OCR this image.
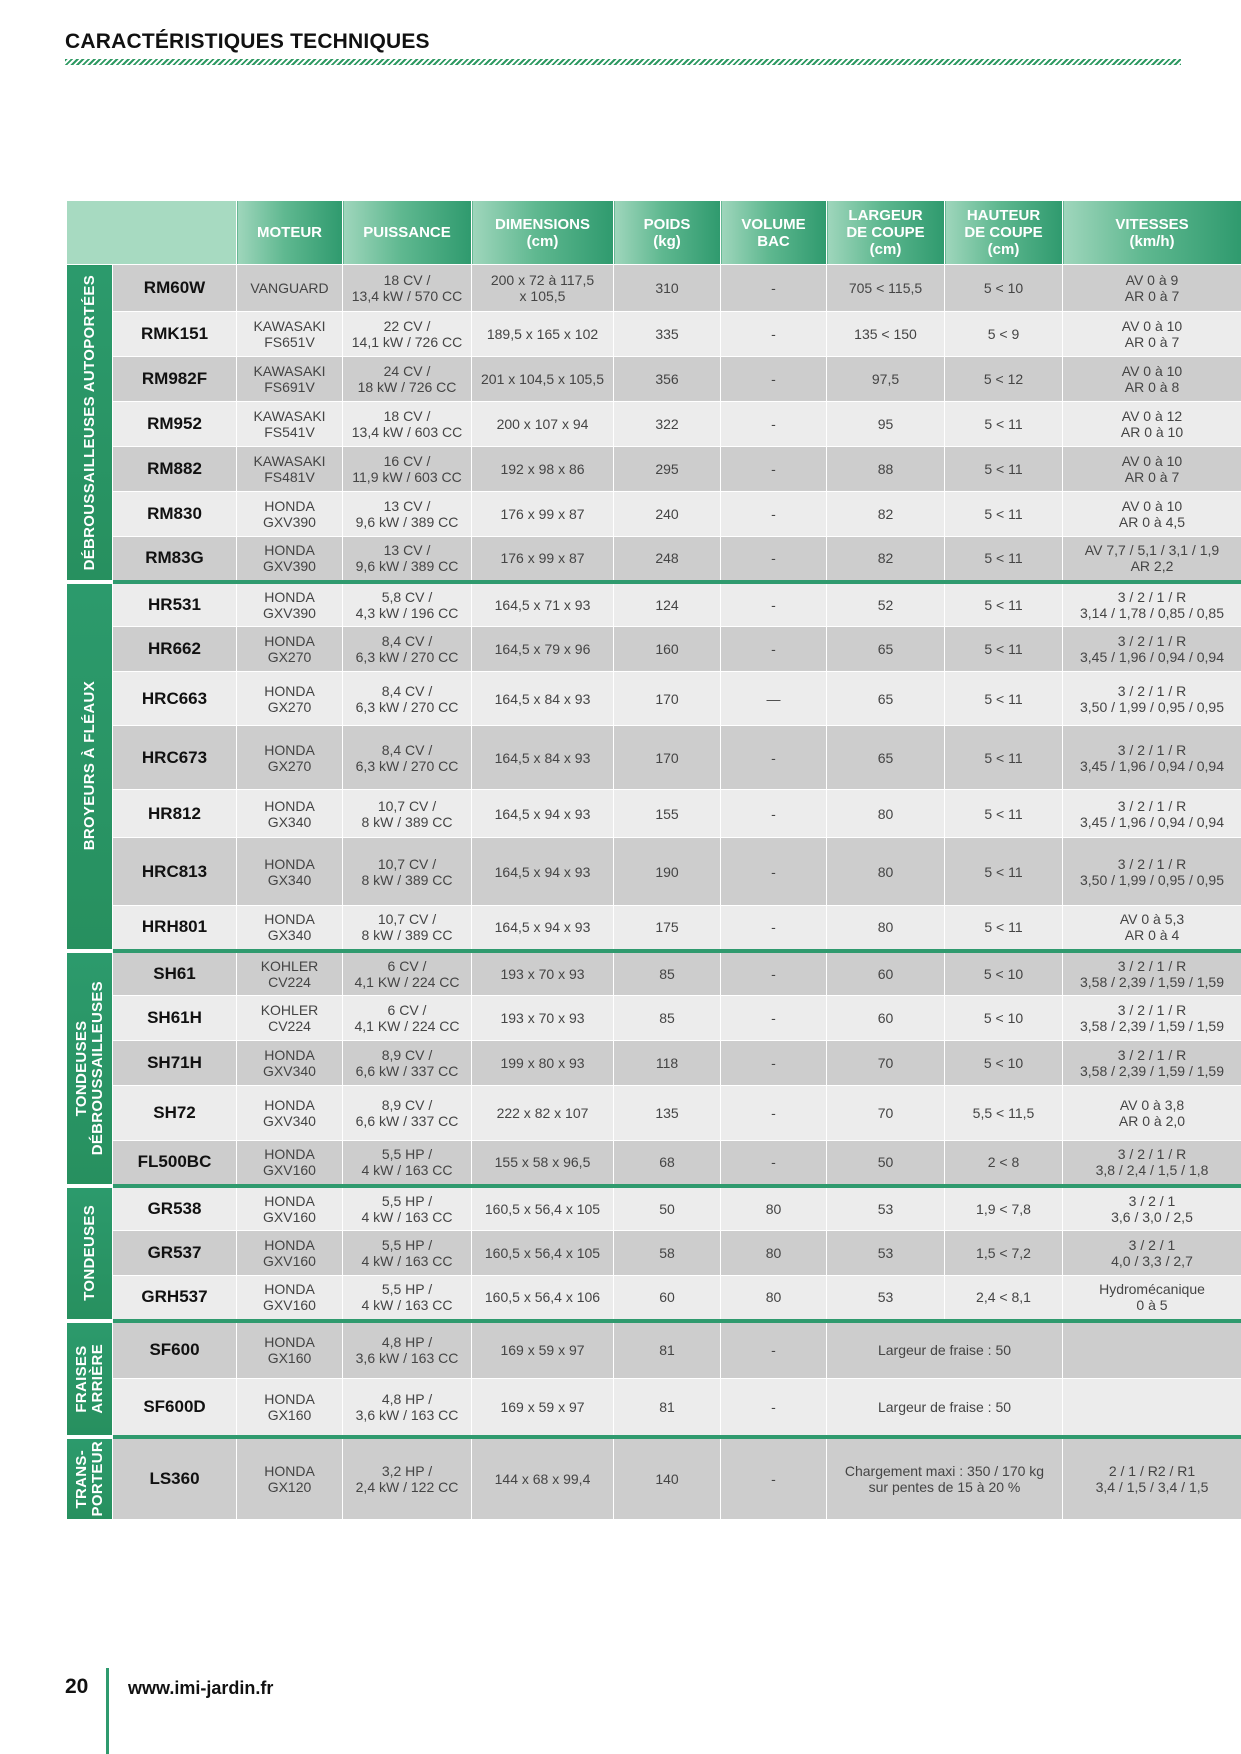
CARACTÉRISTIQUES TECHNIQUES
		MOTEUR	PUISSANCE	DIMENSIONS
(cm)	POIDS
(kg)	VOLUME
BAC	LARGEUR
DE COUPE
(cm)	HAUTEUR
DE COUPE
(cm)	VITESSES
(km/h)

DÉBROUSSAILLEUSES AUTOPORTÉES	RM60W	VANGUARD	18 CV /
13,4 kW / 570 CC	200 x 72 à 117,5
x 105,5	310	-	705 < 115,5	5 < 10	AV 0 à 9
AR 0 à 7
	RMK151	KAWASAKI
FS651V	22 CV /
14,1 kW / 726 CC	189,5 x 165 x 102	335	-	135 < 150	5 < 9	AV 0 à 10
AR 0 à 7
	RM982F	KAWASAKI
FS691V	24 CV /
18 kW / 726 CC	201 x 104,5 x 105,5	356	-	97,5	5 < 12	AV 0 à 10
AR 0 à 8
	RM952	KAWASAKI
FS541V	18 CV /
13,4 kW / 603 CC	200 x 107 x 94	322	-	95	5 < 11	AV 0 à 12
AR 0 à 10
	RM882	KAWASAKI
FS481V	16 CV /
11,9 kW / 603 CC	192 x 98 x 86	295	-	88	5 < 11	AV 0 à 10
AR 0 à 7
	RM830	HONDA
GXV390	13 CV /
9,6 kW / 389 CC	176 x 99 x 87	240	-	82	5 < 11	AV 0 à 10
AR 0 à 4,5
	RM83G	HONDA
GXV390	13 CV /
9,6 kW / 389 CC	176 x 99 x 87	248	-	82	5 < 11	AV 7,7 / 5,1 / 3,1 / 1,9
AR 2,2

BROYEURS À FLÉAUX	HR531	HONDA
GXV390	5,8 CV /
4,3 kW / 196 CC	164,5 x 71 x 93	124	-	52	5 < 11	3 / 2 / 1 / R
3,14 / 1,78 / 0,85 / 0,85
	HR662	HONDA
GX270	8,4 CV /
6,3 kW / 270 CC	164,5 x 79 x 96	160	-	65	5 < 11	3 / 2 / 1 / R
3,45 / 1,96 / 0,94 / 0,94
	HRC663	HONDA
GX270	8,4 CV /
6,3 kW / 270 CC	164,5 x 84 x 93	170	—	65	5 < 11	3 / 2 / 1 / R
3,50 / 1,99 / 0,95 / 0,95
	HRC673	HONDA
GX270	8,4 CV /
6,3 kW / 270 CC	164,5 x 84 x 93	170	-	65	5 < 11	3 / 2 / 1 / R
3,45 / 1,96 / 0,94 / 0,94
	HR812	HONDA
GX340	10,7 CV /
8 kW / 389 CC	164,5 x 94 x 93	155	-	80	5 < 11	3 / 2 / 1 / R
3,45 / 1,96 / 0,94 / 0,94
	HRC813	HONDA
GX340	10,7 CV /
8 kW / 389 CC	164,5 x 94 x 93	190	-	80	5 < 11	3 / 2 / 1 / R
3,50 / 1,99 / 0,95 / 0,95
	HRH801	HONDA
GX340	10,7 CV /
8 kW / 389 CC	164,5 x 94 x 93	175	-	80	5 < 11	AV 0 à 5,3
AR 0 à 4

TONDEUSES
DÉBROUSSAILLEUSES	SH61	KOHLER
CV224	6 CV /
4,1 KW / 224 CC	193 x 70 x 93	85	-	60	5 < 10	3 / 2 / 1 / R
3,58 / 2,39 / 1,59 / 1,59
	SH61H	KOHLER
CV224	6 CV /
4,1 KW / 224 CC	193 x 70 x 93	85	-	60	5 < 10	3 / 2 / 1 / R
3,58 / 2,39 / 1,59 / 1,59
	SH71H	HONDA
GXV340	8,9 CV /
6,6 kW / 337 CC	199 x 80 x 93	118	-	70	5 < 10	3 / 2 / 1 / R
3,58 / 2,39 / 1,59 / 1,59
	SH72	HONDA
GXV340	8,9 CV /
6,6 kW / 337 CC	222 x 82 x 107	135	-	70	5,5 < 11,5	AV 0 à 3,8
AR 0 à 2,0
	FL500BC	HONDA
GXV160	5,5 HP /
4 kW / 163 CC	155 x 58 x 96,5	68	-	50	2 < 8	3 / 2 / 1 / R
3,8 / 2,4 / 1,5 / 1,8

TONDEUSES	GR538	HONDA
GXV160	5,5 HP /
4 kW / 163 CC	160,5 x 56,4 x 105	50	80	53	1,9 < 7,8	3 / 2 / 1
3,6 / 3,0 / 2,5
	GR537	HONDA
GXV160	5,5 HP /
4 kW / 163 CC	160,5 x 56,4 x 105	58	80	53	1,5 < 7,2	3 / 2 / 1
4,0 / 3,3 / 2,7
	GRH537	HONDA
GXV160	5,5 HP /
4 kW / 163 CC	160,5 x 56,4 x 106	60	80	53	2,4 < 8,1	Hydromécanique
0 à 5

FRAISES
ARRIÈRE	SF600	HONDA
GX160	4,8 HP /
3,6 kW / 163 CC	169 x 59 x 97	81	-	Largeur de fraise : 50		
	SF600D	HONDA
GX160	4,8 HP /
3,6 kW / 163 CC	169 x 59 x 97	81	-	Largeur de fraise : 50		

TRANS-
PORTEUR	LS360	HONDA
GX120	3,2 HP /
2,4 kW / 122 CC	144 x 68 x 99,4	140	-	Chargement maxi : 350 / 170 kg
sur pentes de 15 à 20 %		2 / 1 / R2 / R1
3,4 / 1,5 / 3,4 / 1,5
20 www.imi-jardin.fr
